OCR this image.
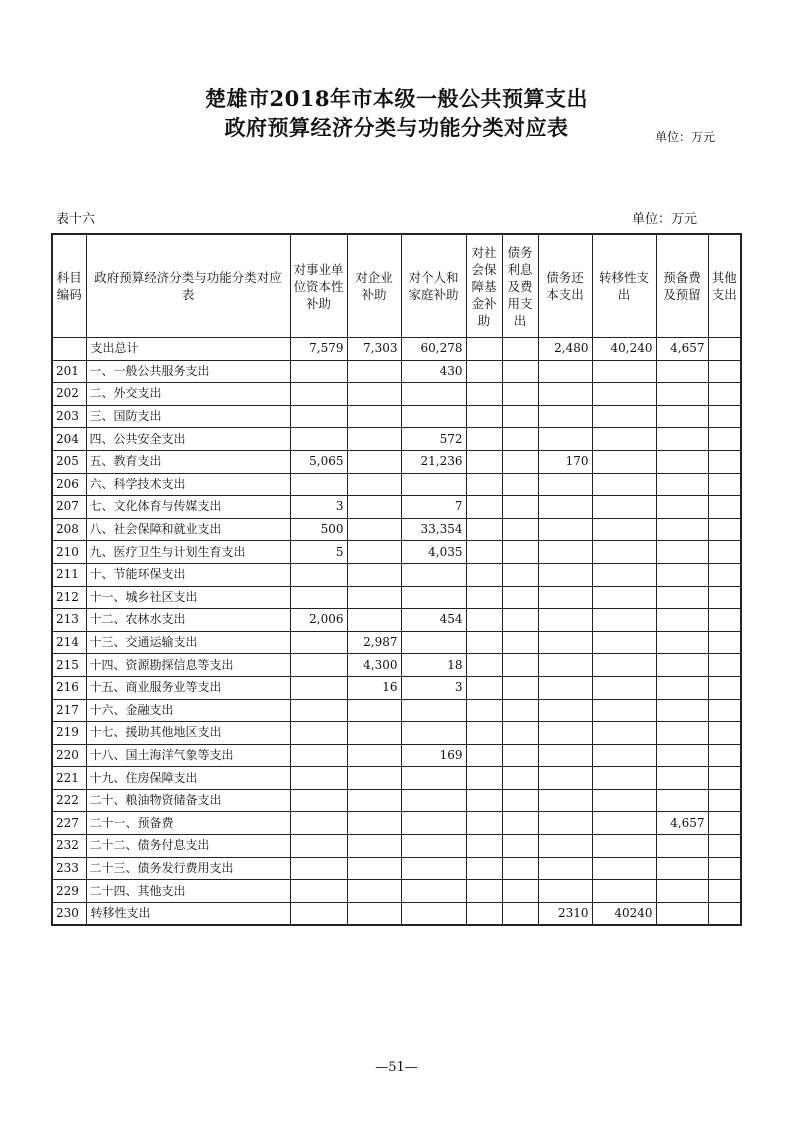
楚雄市2018年市本级一般公共预算支出
政府预算经济分类与功能分类对应表	单位：万元
表十六	单位：万元
科目编码	政府预算经济分类与功能分类对应表	对事业单位资本性补助	对企业补助	对个人和家庭补助	对社会保障基金补助	债务利息及费用支出	债务还本支出	转移性支出	预备费及预留	其他支出
	支出总计	7,579	7,303	60,278			2,480	40,240	4,657	
201	一、一般公共服务支出			430						
202	二、外交支出									
203	三、国防支出									
204	四、公共安全支出			572						
205	五、教育支出	5,065		21,236			170			
206	六、科学技术支出									
207	七、文化体育与传媒支出	3		7						
208	八、社会保障和就业支出	500		33,354						
210	九、医疗卫生与计划生育支出	5		4,035						
211	十、节能环保支出									
212	十一、城乡社区支出									
213	十二、农林水支出	2,006		454						
214	十三、交通运输支出		2,987							
215	十四、资源勘探信息等支出		4,300	18						
216	十五、商业服务业等支出		16	3						
217	十六、金融支出									
219	十七、援助其他地区支出									
220	十八、国土海洋气象等支出			169						
221	十九、住房保障支出									
222	二十、粮油物资储备支出									
227	二十一、预备费								4,657	
232	二十二、债务付息支出									
233	二十三、债务发行费用支出									
229	二十四、其他支出									
230	转移性支出						2310	40240		
—51—
